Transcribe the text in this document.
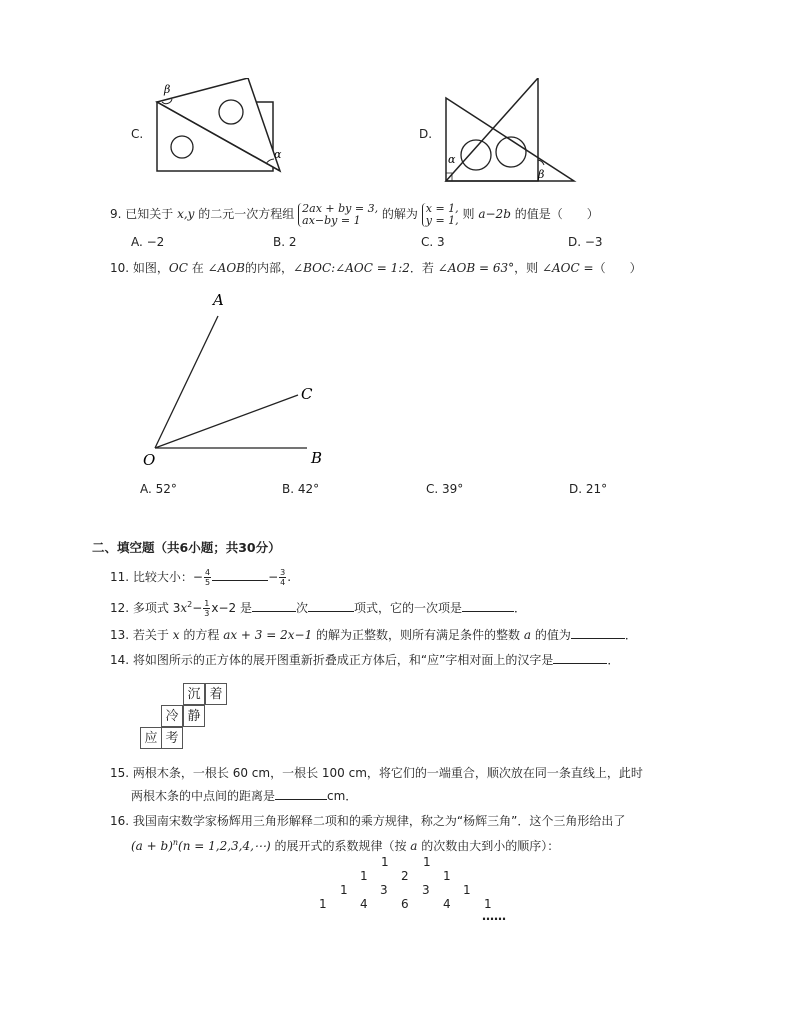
C.
β
α
D.
α
β
9. 已知关于 x,y 的二元一次方程组 2ax + by = 3,
ax−by = 1	的解为 x = 1,
y = 1, 则 a−2b 的值是（　　）
A. −2	B. 2	C. 3	D. −3
10. 如图，OC 在 ∠AOB的内部，∠BOC:∠AOC = 1:2．若 ∠AOB = 63°，则 ∠AOC =（　　）
A
C
O	B
A. 52°	B. 42°	C. 39°	D. 21°
二、填空题（共6小题；共30分）
11. 比较大小：− $\frac{4}{5}$	− $\frac{3}{4}$ .
12. 多项式 $3x^2- \frac{1}{3} x-2$ 是	次	项式，它的一次项是	．
13. 若关于 x 的方程 ax + 3 = 2x−1 的解为正整数，则所有满足条件的整数 a 的值为	．
14. 将如图所示的正方体的展开图重新折叠成正方体后，和“应”字相对面上的汉字是	．
沉 着
冷 静
应 考
15. 两根木条，一根长 60 cm，一根长 100 cm，将它们的一端重合，顺次放在同一条直线上，此时
两根木条的中点间的距离是	cm．
16. 我国南宋数学家杨辉用三角形解释二项和的乘方规律，称之为“杨辉三角”．这个三角形给出了
$(a + b)^n(n$ = 1,2,3,4,⋯) 的展开式的系数规律（按 a 的次数由大到小的顺序）：
1	1
1	2	1
1	3	3	1
1	4	6	4	1
……
